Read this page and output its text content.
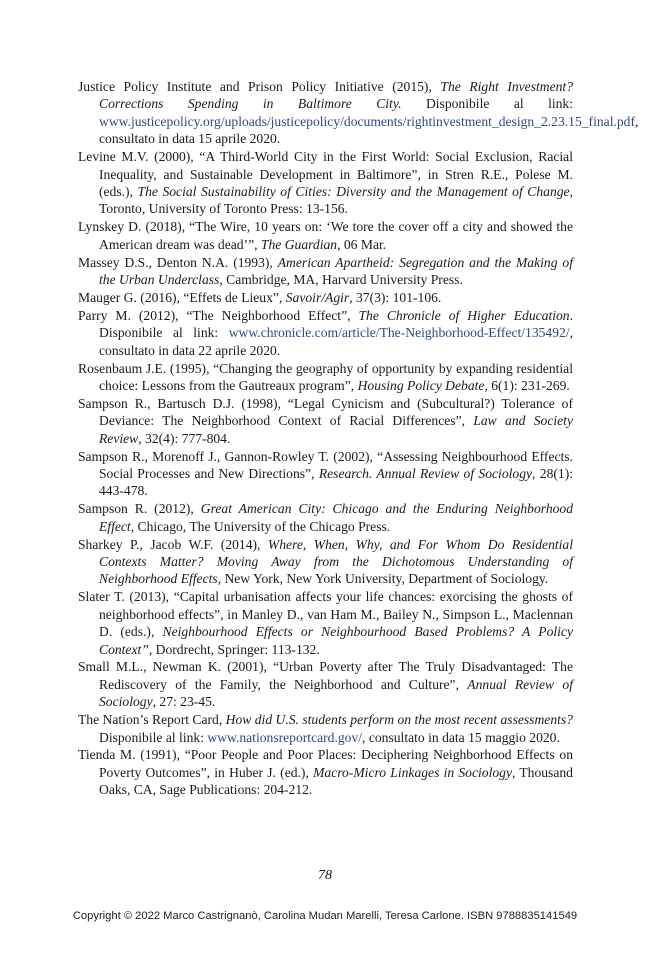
Justice Policy Institute and Prison Policy Initiative (2015), The Right Investment? Corrections Spending in Baltimore City. Disponibile al link: www.justicepolicy.org/uploads/justicepolicy/documents/rightinvestment_design_2.23.15_final.pdf, consultato in data 15 aprile 2020.

Levine M.V. (2000), “A Third-World City in the First World: Social Exclusion, Racial Inequality, and Sustainable Development in Baltimore”, in Stren R.E., Polese M. (eds.), The Social Sustainability of Cities: Diversity and the Management of Change, Toronto, University of Toronto Press: 13-156.

Lynskey D. (2018), “The Wire, 10 years on: ‘We tore the cover off a city and showed the American dream was dead’”, The Guardian, 06 Mar.

Massey D.S., Denton N.A. (1993), American Apartheid: Segregation and the Making of the Urban Underclass, Cambridge, MA, Harvard University Press.

Mauger G. (2016), “Effets de Lieux”, Savoir/Agir, 37(3): 101-106.

Parry M. (2012), “The Neighborhood Effect”, The Chronicle of Higher Education. Disponibile al link: www.chronicle.com/article/The-Neighborhood-Effect/135492/, consultato in data 22 aprile 2020.

Rosenbaum J.E. (1995), “Changing the geography of opportunity by expanding residential choice: Lessons from the Gautreaux program”, Housing Policy Debate, 6(1): 231-269.

Sampson R., Bartusch D.J. (1998), “Legal Cynicism and (Subcultural?) Tolerance of Deviance: The Neighborhood Context of Racial Differences”, Law and Society Review, 32(4): 777-804.

Sampson R., Morenoff J., Gannon-Rowley T. (2002), “Assessing Neighbourhood Effects. Social Processes and New Directions”, Research. Annual Review of Sociology, 28(1): 443-478.

Sampson R. (2012), Great American City: Chicago and the Enduring Neighborhood Effect, Chicago, The University of the Chicago Press.

Sharkey P., Jacob W.F. (2014), Where, When, Why, and For Whom Do Residential Contexts Matter? Moving Away from the Dichotomous Understanding of Neighborhood Effects, New York, New York University, Department of Sociology.

Slater T. (2013), “Capital urbanisation affects your life chances: exorcising the ghosts of neighborhood effects”, in Manley D., van Ham M., Bailey N., Simpson L., Maclennan D. (eds.), Neighbourhood Effects or Neighbourhood Based Problems? A Policy Context”, Dordrecht, Springer: 113-132.

Small M.L., Newman K. (2001), “Urban Poverty after The Truly Disadvantaged: The Rediscovery of the Family, the Neighborhood and Culture”, Annual Review of Sociology, 27: 23-45.

The Nation’s Report Card, How did U.S. students perform on the most recent assessments? Disponibile al link: www.nationsreportcard.gov/, consultato in data 15 maggio 2020.

Tienda M. (1991), “Poor People and Poor Places: Deciphering Neighborhood Effects on Poverty Outcomes”, in Huber J. (ed.), Macro-Micro Linkages in Sociology, Thousand Oaks, CA, Sage Publications: 204-212.

78
Copyright © 2022 Marco Castrignanò, Carolina Mudan Marelli, Teresa Carlone. ISBN 9788835141549
